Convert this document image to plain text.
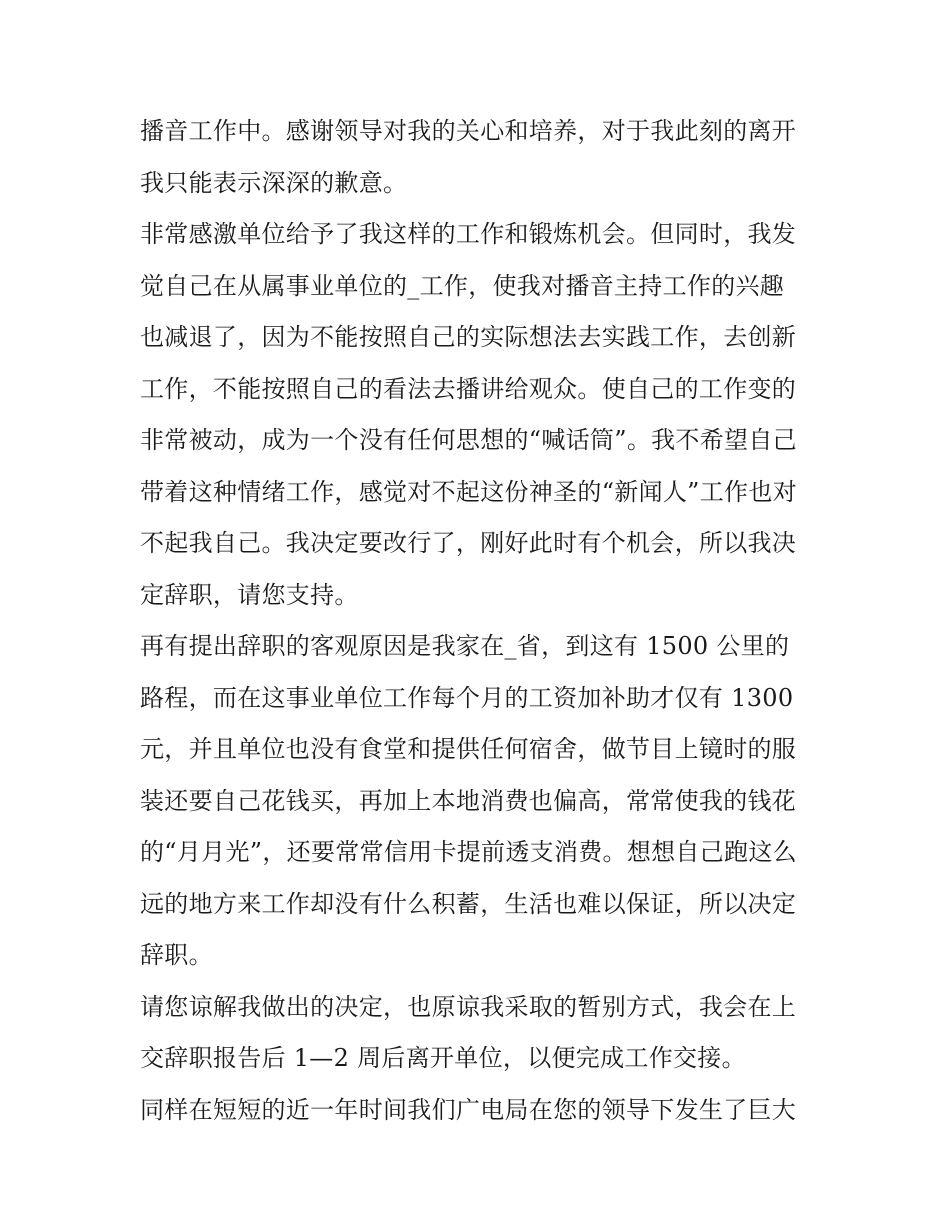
播音工作中。感谢领导对我的关心和培养，对于我此刻的离开
我只能表示深深的歉意。
非常感激单位给予了我这样的工作和锻炼机会。但同时，我发
觉自己在从属事业单位的_工作，使我对播音主持工作的兴趣
也减退了，因为不能按照自己的实际想法去实践工作，去创新
工作，不能按照自己的看法去播讲给观众。使自己的工作变的
非常被动，成为一个没有任何思想的“喊话筒”。我不希望自己
带着这种情绪工作，感觉对不起这份神圣的“新闻人”工作也对
不起我自己。我决定要改行了，刚好此时有个机会，所以我决
定辞职，请您支持。
再有提出辞职的客观原因是我家在_省，到这有 1500 公里的
路程，而在这事业单位工作每个月的工资加补助才仅有 1300
元，并且单位也没有食堂和提供任何宿舍，做节目上镜时的服
装还要自己花钱买，再加上本地消费也偏高，常常使我的钱花
的“月月光”，还要常常信用卡提前透支消费。想想自己跑这么
远的地方来工作却没有什么积蓄，生活也难以保证，所以决定
辞职。
请您谅解我做出的决定，也原谅我采取的暂别方式，我会在上
交辞职报告后 1—2 周后离开单位，以便完成工作交接。
同样在短短的近一年时间我们广电局在您的领导下发生了巨大
